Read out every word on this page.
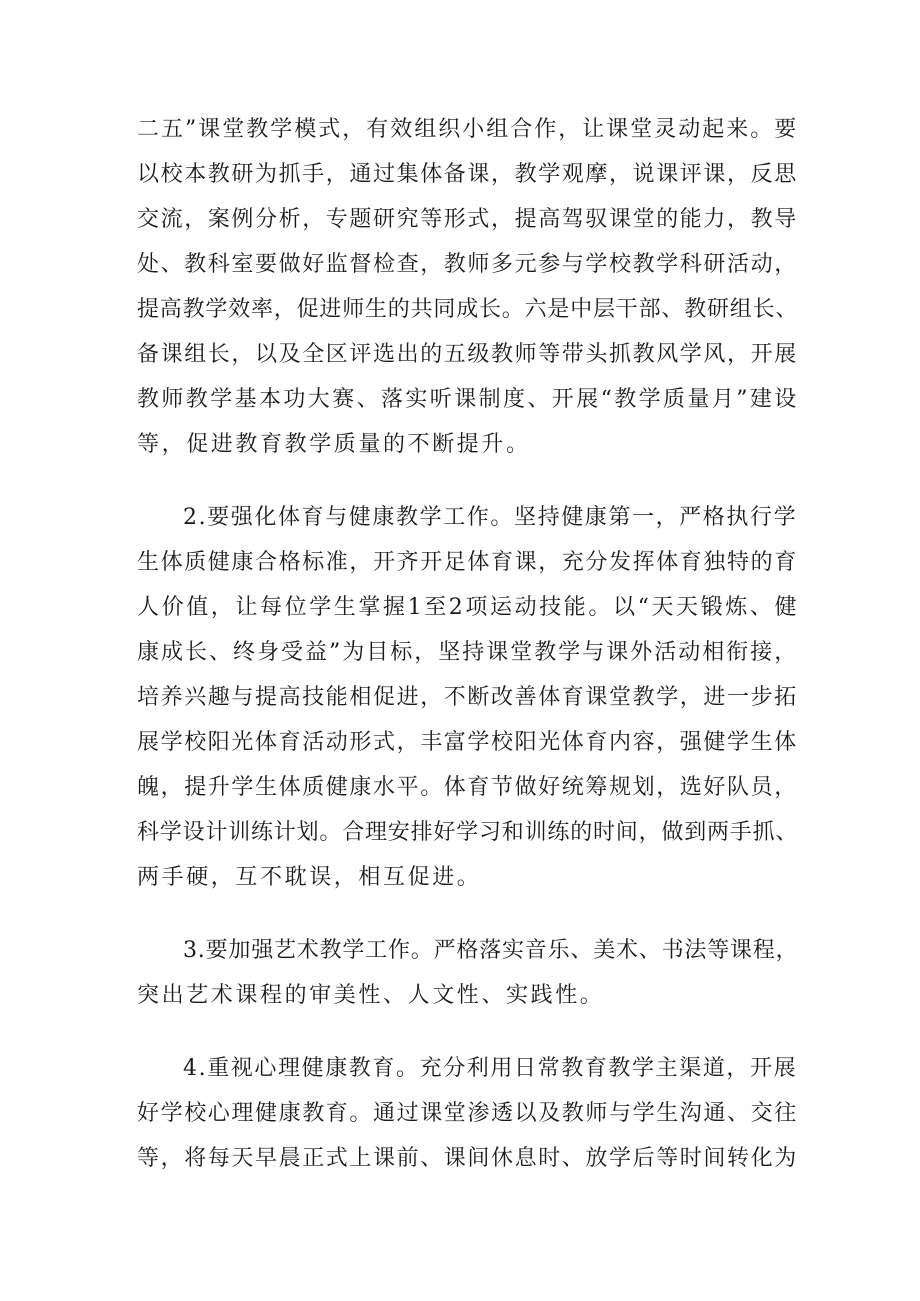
二五”课堂教学模式，有效组织小组合作，让课堂灵动起来。要
以校本教研为抓手，通过集体备课，教学观摩，说课评课，反思
交流，案例分析，专题研究等形式，提高驾驭课堂的能力，教导
处、教科室要做好监督检查，教师多元参与学校教学科研活动，
提高教学效率，促进师生的共同成长。六是中层干部、教研组长、
备课组长，以及全区评选出的五级教师等带头抓教风学风，开展
教师教学基本功大赛、落实听课制度、开展“教学质量月”建设
等，促进教育教学质量的不断提升。
2.要强化体育与健康教学工作。坚持健康第一，严格执行学
生体质健康合格标准，开齐开足体育课，充分发挥体育独特的育
人价值，让每位学生掌握1至2项运动技能。以“天天锻炼、健
康成长、终身受益”为目标，坚持课堂教学与课外活动相衔接，
培养兴趣与提高技能相促进，不断改善体育课堂教学，进一步拓
展学校阳光体育活动形式，丰富学校阳光体育内容，强健学生体
魄，提升学生体质健康水平。体育节做好统筹规划，选好队员，
科学设计训练计划。合理安排好学习和训练的时间，做到两手抓、
两手硬，互不耽误，相互促进。
3.要加强艺术教学工作。严格落实音乐、美术、书法等课程，
突出艺术课程的审美性、人文性、实践性。
4.重视心理健康教育。充分利用日常教育教学主渠道，开展
好学校心理健康教育。通过课堂渗透以及教师与学生沟通、交往
等，将每天早晨正式上课前、课间休息时、放学后等时间转化为
